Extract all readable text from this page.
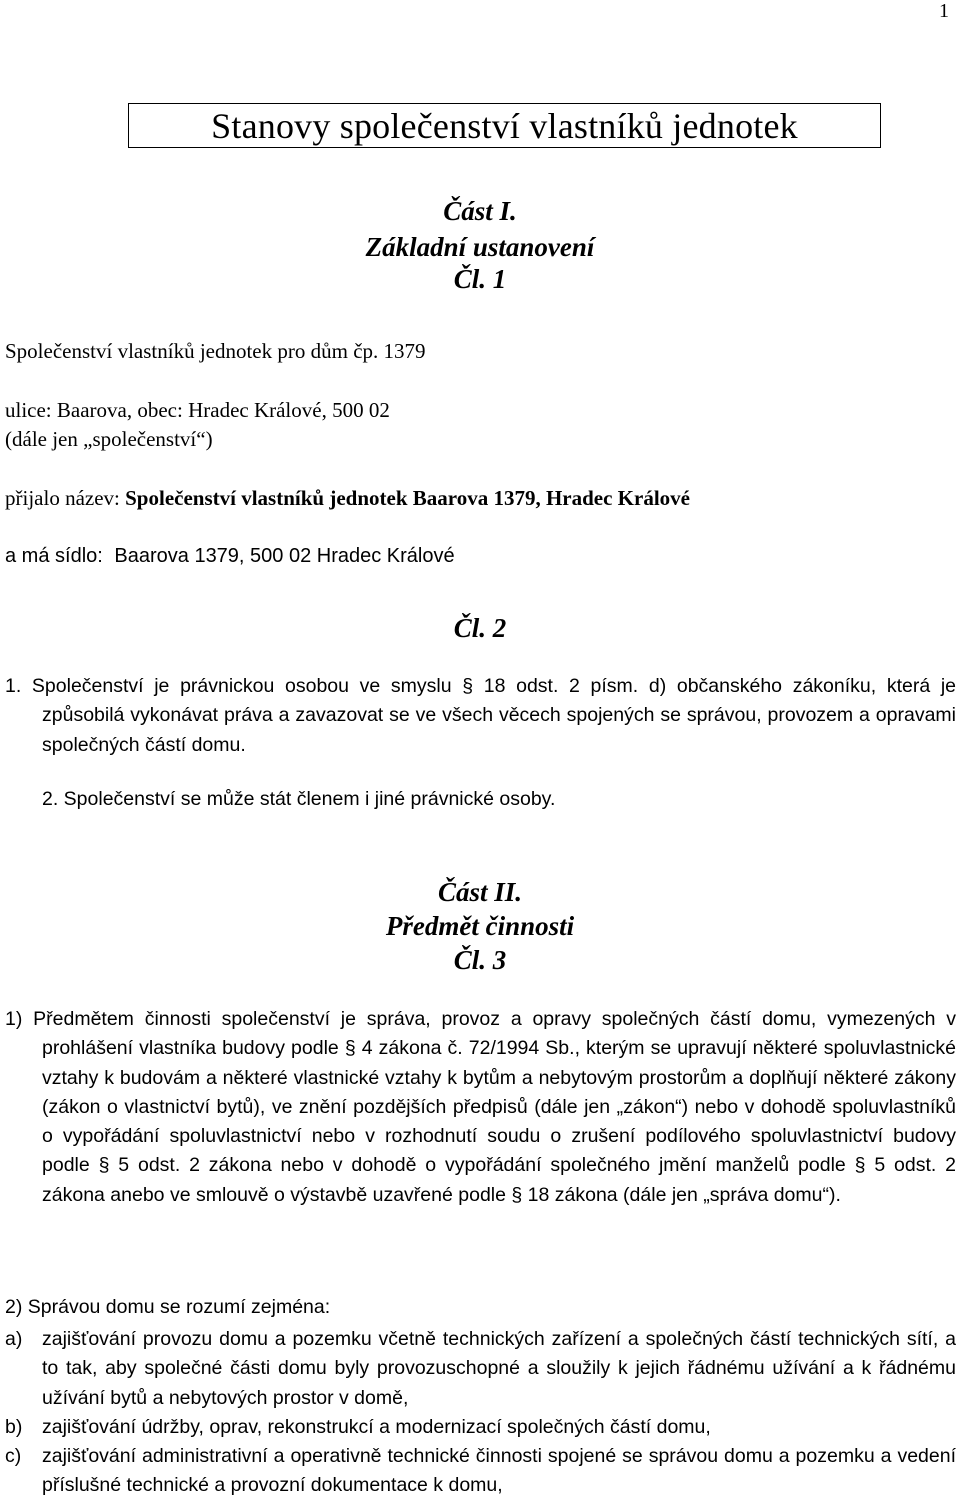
1
Stanovy společenství vlastníků jednotek
Část I.
Základní ustanovení
Čl. 1
Společenství vlastníků jednotek pro dům čp. 1379
ulice: Baarova, obec: Hradec Králové, 500 02
(dále jen „společenství“)
přijalo název: Společenství vlastníků jednotek Baarova 1379, Hradec Králové
a má sídlo: Baarova 1379, 500 02 Hradec Králové
Čl. 2
1. Společenství je právnickou osobou ve smyslu § 18 odst. 2 písm. d) občanského zákoníku, která je způsobilá vykonávat práva a zavazovat se ve všech věcech spojených se správou, provozem a opravami společných částí domu.
2. Společenství se může stát členem i jiné právnické osoby.
Část II.
Předmět činnosti
Čl. 3
1) Předmětem činnosti společenství je správa, provoz a opravy společných částí domu, vymezených v prohlášení vlastníka budovy podle § 4 zákona č. 72/1994 Sb., kterým se upravují některé spoluvlastnické vztahy k budovám a některé vlastnické vztahy k bytům a nebytovým prostorům a doplňují některé zákony (zákon o vlastnictví bytů), ve znění pozdějších předpisů (dále jen „zákon“) nebo v dohodě spoluvlastníků o vypořádání spoluvlastnictví nebo v rozhodnutí soudu o zrušení podílového spoluvlastnictví budovy podle § 5 odst. 2 zákona nebo v dohodě o vypořádání společného jmění manželů podle § 5 odst. 2 zákona anebo ve smlouvě o výstavbě uzavřené podle § 18 zákona (dále jen „správa domu“).
2) Správou domu se rozumí zejména:
a)	zajišťování provozu domu a pozemku včetně technických zařízení a společných částí technických sítí, a to tak, aby společné části domu byly provozuschopné a sloužily k jejich řádnému užívání a k řádnému užívání bytů a nebytových prostor v domě,
b)	zajišťování údržby, oprav, rekonstrukcí a modernizací společných částí domu,
c)	zajišťování administrativní a operativně technické činnosti spojené se správou domu a pozemku a vedení příslušné technické a provozní dokumentace k domu,
